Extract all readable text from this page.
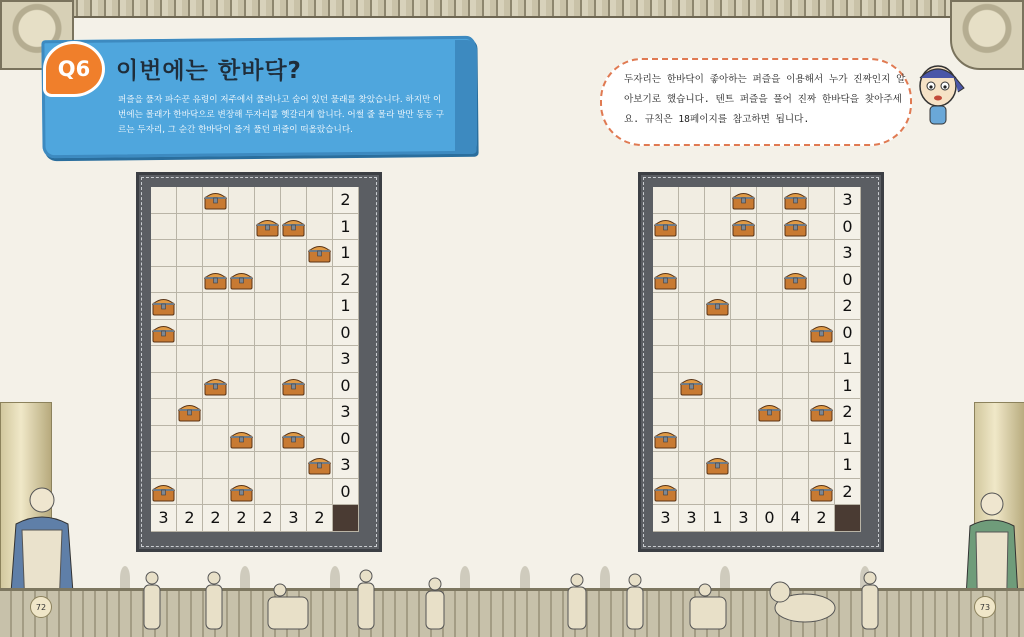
Q6	이번에는 한바닥?
퍼즐을 풀자 파수꾼 유령이 저주에서 풀려나고 숨어 있던 물래를 찾았습니다. 하지만 이번에는 몰래가 한바닥으로 변장해 두자리를 헷갈리게 합니다. 어썰 줄 몰라 발만 동동 구르는 두자리, 그 순간 한바닥이 즐겨 풀던 퍼즐이 떠올랐습니다.
두자리는 한바닥이 좋아하는 퍼즐을 이용해서 누가 진짜인지 알아보기로 했습니다. 텐트 퍼즐을 풀어 진짜 한바닥을 찾아주세요. 규칙은 18페이지를 참고하면 됩니다.
2
1
1
2
1
0
3
0
3
0
3
0
3 2 2 2 2 3 2
3
0
3
0
2
0
1
1
2
1
1
2
3 3 1 3 0 4 2
72	73
